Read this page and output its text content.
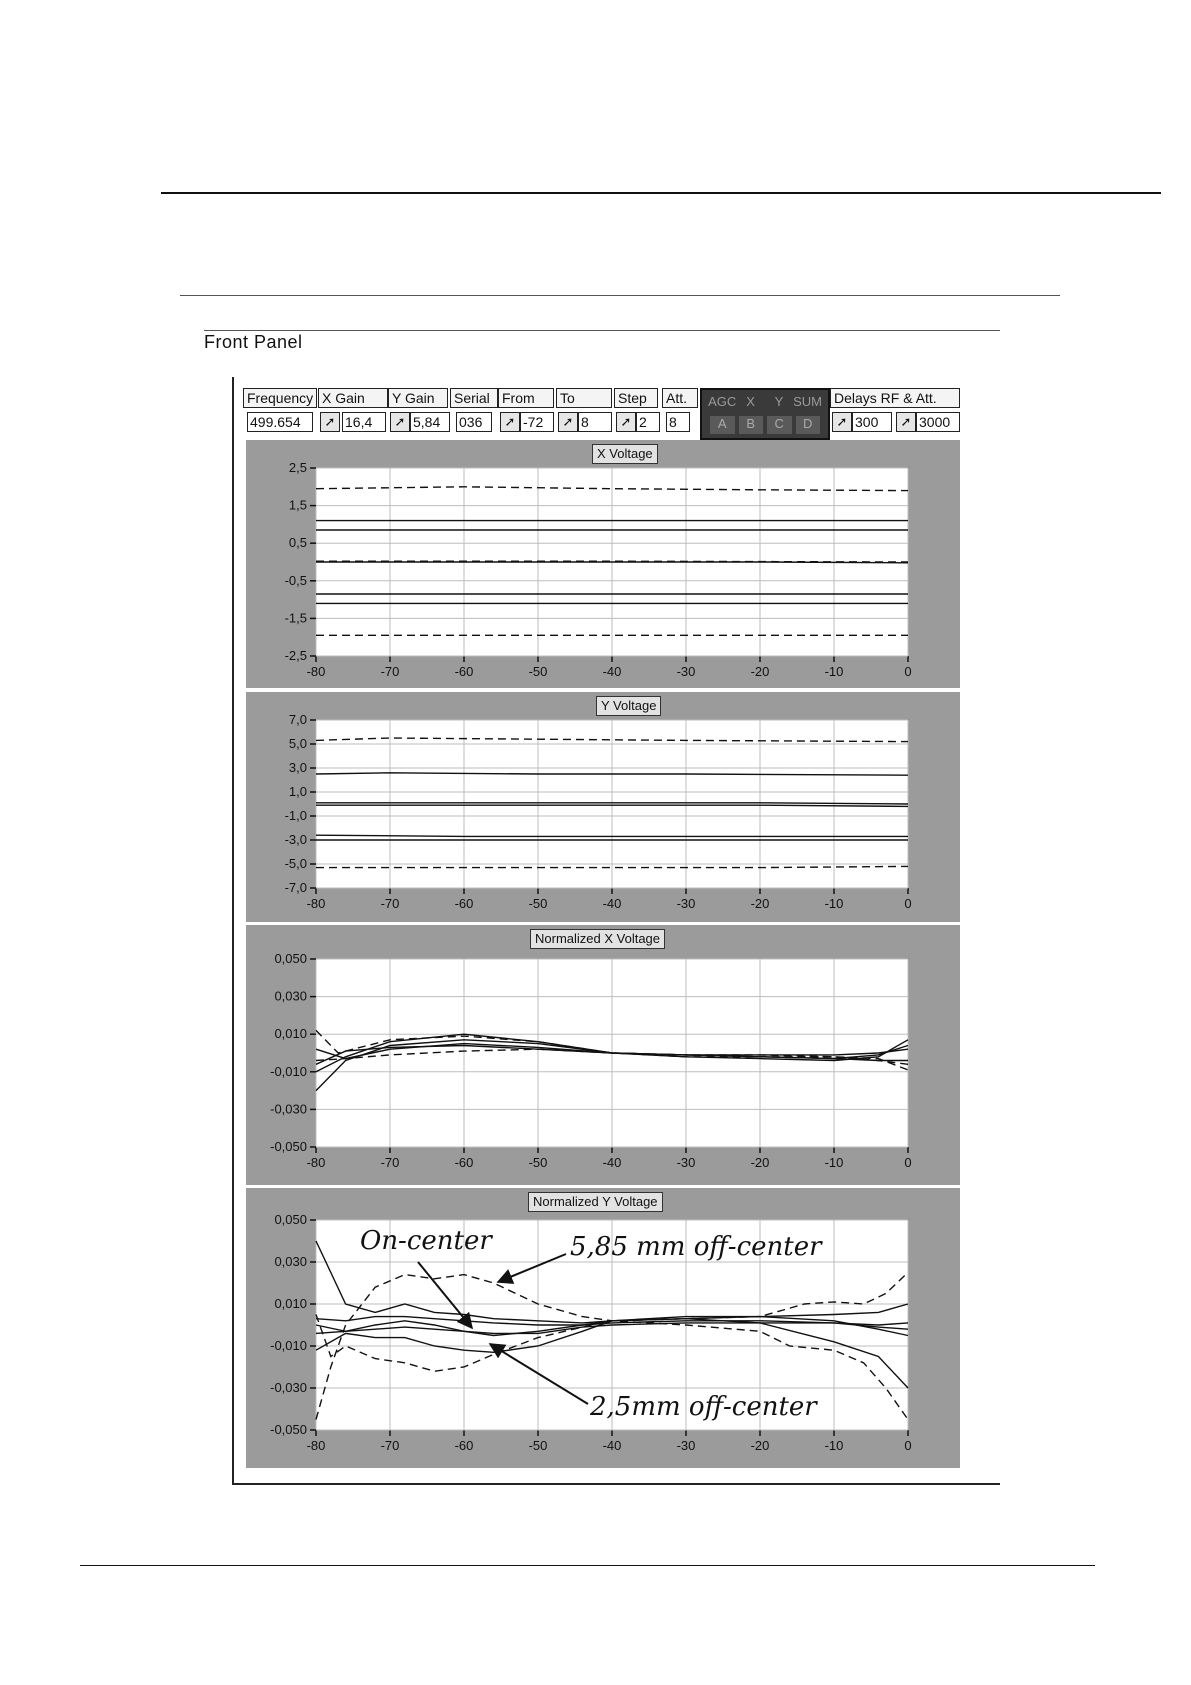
Front Panel
Frequency
499.654
X Gain
➚ 16,4
Y Gain
➚ 5,84
Serial
036
From
➚ -72
To
➚ 8
Step
➚ 2
Att.
8
AGC X	Y SUM
A	B	C	D
Delays RF & Att.
➚ 300	➚ 3000
-80	-70	-60	-50	-40	-30	-20	-10	0
2,5
1,5
0,5
-0,5
-1,5
-2,5
X Voltage
-80	-70	-60	-50	-40	-30	-20	-10	0
7,0
5,0
3,0
1,0
-1,0
-3,0
-5,0
-7,0
Y Voltage
-80	-70	-60	-50	-40	-30	-20	-10	0
0,050
0,030
0,010
-0,010
-0,030
-0,050
Normalized X Voltage
-80	-70	-60	-50	-40	-30	-20	-10	0
0,050
0,030
0,010
-0,010
-0,030
-0,050
Normalized Y Voltage
On-center	5,85 mm off-center
2,5mm off-center
